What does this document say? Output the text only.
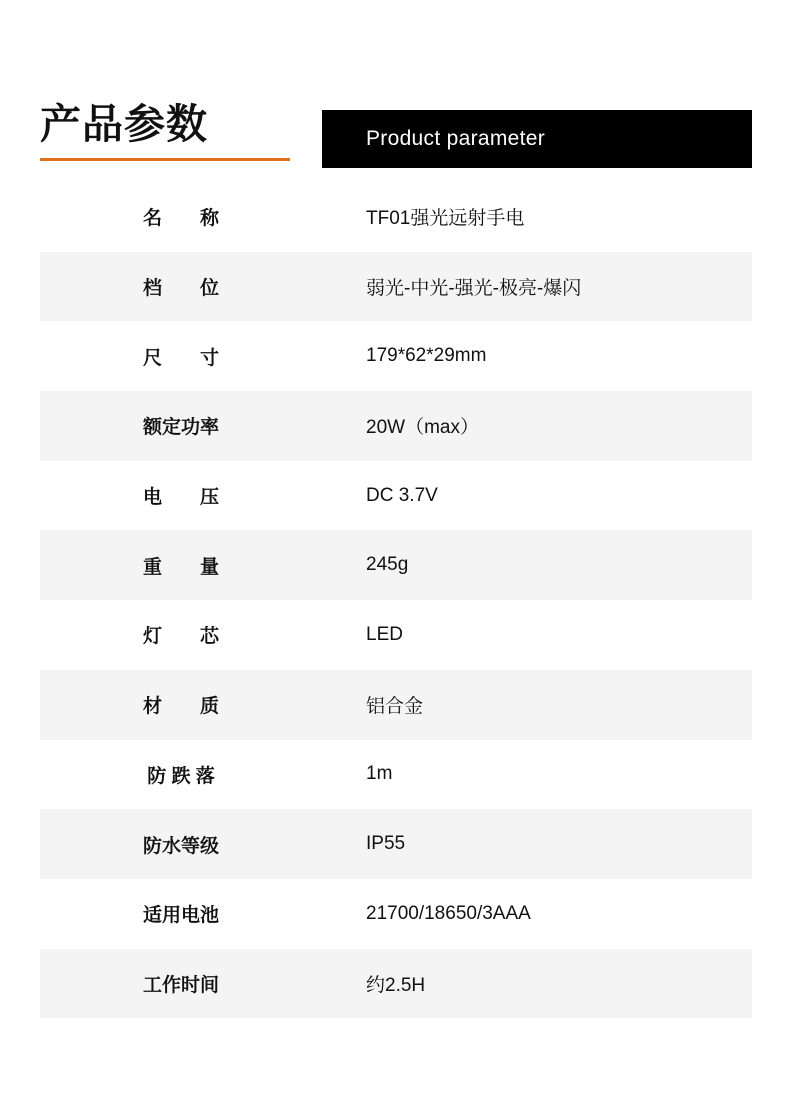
产品参数	Product parameter
名　　称	TF01强光远射手电
档　　位	弱光-中光-强光-极亮-爆闪
尺　　寸	179*62*29mm
额定功率	20W（max）
电　　压	DC 3.7V
重　　量	245g
灯　　芯	LED
材　　质	铝合金
防 跌 落	1m
防水等级	IP55
适用电池	21700/18650/3AAA
工作时间	约2.5H
